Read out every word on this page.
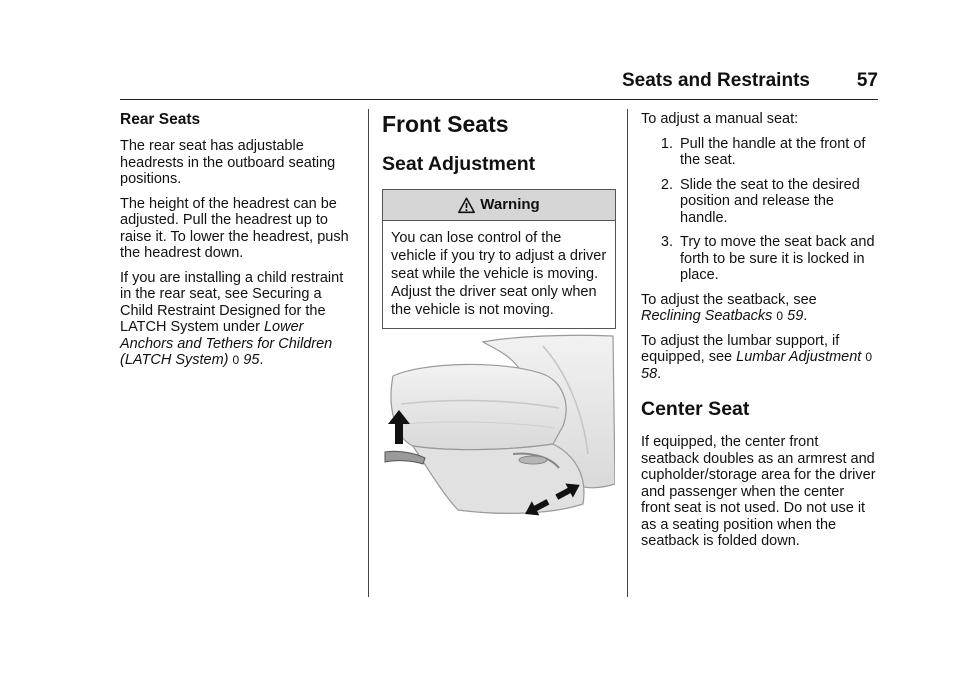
Seats and Restraints	57
Rear Seats

The rear seat has adjustable headrests in the outboard seating positions.

The height of the headrest can be adjusted. Pull the headrest up to raise it. To lower the headrest, push the headrest down.

If you are installing a child restraint in the rear seat, see Securing a Child Restraint Designed for the LATCH System under Lower Anchors and Tethers for Children (LATCH System) 0 95.

Front Seats
Seat Adjustment
Warning
You can lose control of the vehicle if you try to adjust a driver seat while the vehicle is moving. Adjust the driver seat only when the vehicle is not moving.

To adjust a manual seat:

1. Pull the handle at the front of the seat.
2. Slide the seat to the desired position and release the handle.
3. Try to move the seat back and forth to be sure it is locked in place.

To adjust the seatback, see Reclining Seatbacks 0 59.

To adjust the lumbar support, if equipped, see Lumbar Adjustment 0 58.

Center Seat

If equipped, the center front seatback doubles as an armrest and cupholder/storage area for the driver and passenger when the center front seat is not used. Do not use it as a seating position when the seatback is folded down.
